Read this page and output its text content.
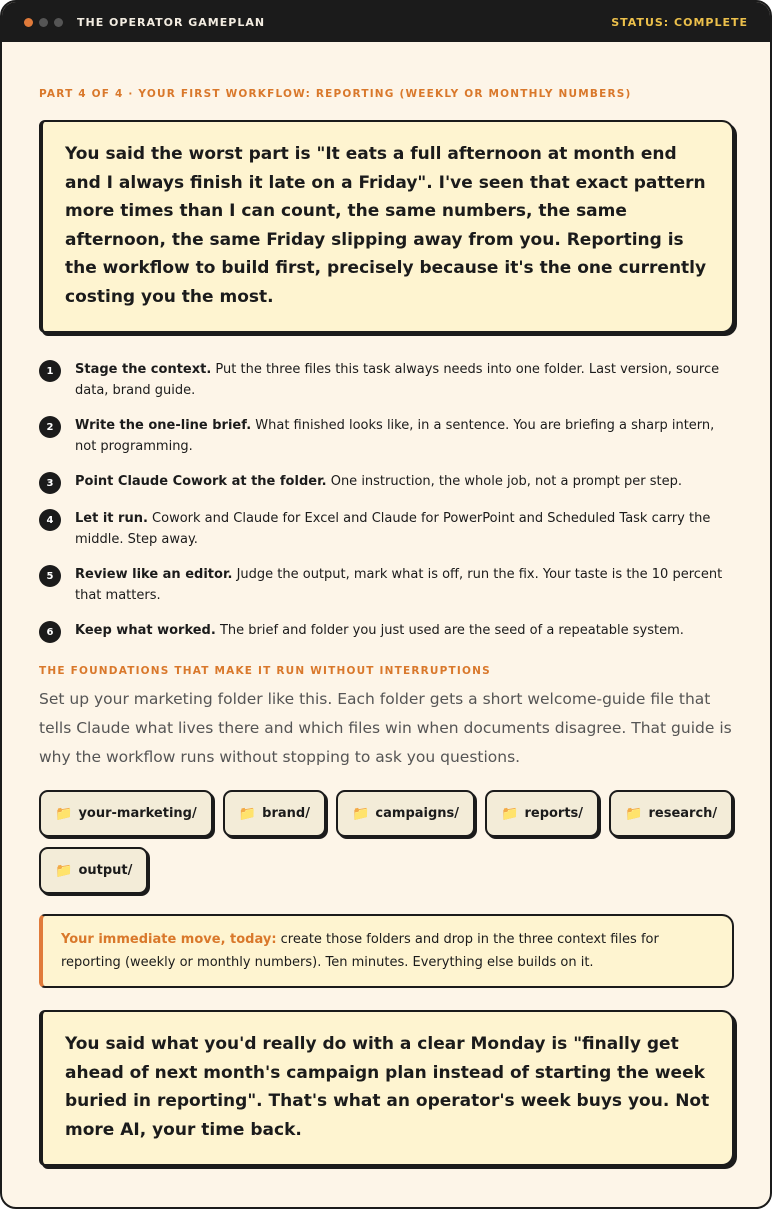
THE OPERATOR GAMEPLAN	STATUS: COMPLETE
PART 4 OF 4 · YOUR FIRST WORKFLOW: REPORTING (WEEKLY OR MONTHLY NUMBERS)
You said the worst part is "It eats a full afternoon at month end and I always finish it late on a Friday". I've seen that exact pattern more times than I can count, the same numbers, the same afternoon, the same Friday slipping away from you. Reporting is the workflow to build first, precisely because it's the one currently costing you the most.
1	Stage the context. Put the three files this task always needs into one folder. Last version, source data, brand guide.
2	Write the one-line brief. What finished looks like, in a sentence. You are briefing a sharp intern, not programming.
3	Point Claude Cowork at the folder. One instruction, the whole job, not a prompt per step.
4	Let it run. Cowork and Claude for Excel and Claude for PowerPoint and Scheduled Task carry the middle. Step away.
5	Review like an editor. Judge the output, mark what is off, run the fix. Your taste is the 10 percent that matters.
6	Keep what worked. The brief and folder you just used are the seed of a repeatable system.
THE FOUNDATIONS THAT MAKE IT RUN WITHOUT INTERRUPTIONS
Set up your marketing folder like this. Each folder gets a short welcome-guide file that tells Claude what lives there and which files win when documents disagree. That guide is why the workflow runs without stopping to ask you questions.
📁 your-marketing/	📁 brand/	📁 campaigns/	📁 reports/	📁 research/
📁 output/
Your immediate move, today: create those folders and drop in the three context files for reporting (weekly or monthly numbers). Ten minutes. Everything else builds on it.
You said what you'd really do with a clear Monday is "finally get ahead of next month's campaign plan instead of starting the week buried in reporting". That's what an operator's week buys you. Not more AI, your time back.
